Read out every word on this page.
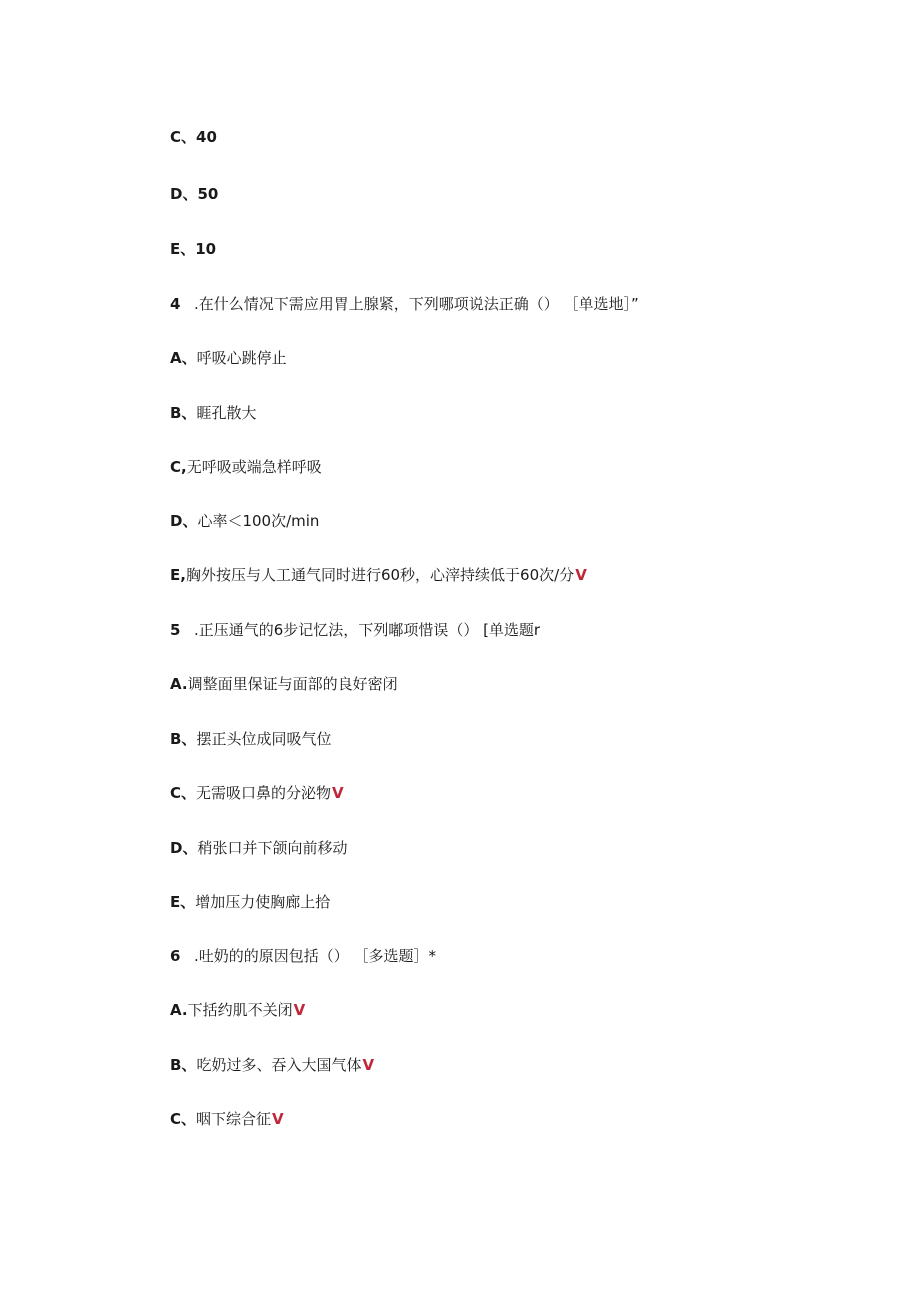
C、40
D、50
E、10
4 .在什么情况下需应用胃上腺紧，下列哪项说法正确（） ［单选地］”
A、呼吸心跳停止
B、睚孔散大
C,无呼吸或端急样呼吸
D、心率＜100次/min
E,胸外按压与人工通气同时进行60秒，心滓持续低于60次/分V
5 .正压通气的6步记忆法，下列嘟项惜误（） [单选题r
A.调整面里保证与面部的良好密闭
B、摆正头位成同吸气位
C、无需吸口鼻的分泌物V
D、稍张口并下颌向前移动
E、增加压力使胸廊上拾
6 .吐奶的的原因包括（） ［多选题］*
A.下括约肌不关闭V
B、吃奶过多、吞入大国气体V
C、咽下综合征V
